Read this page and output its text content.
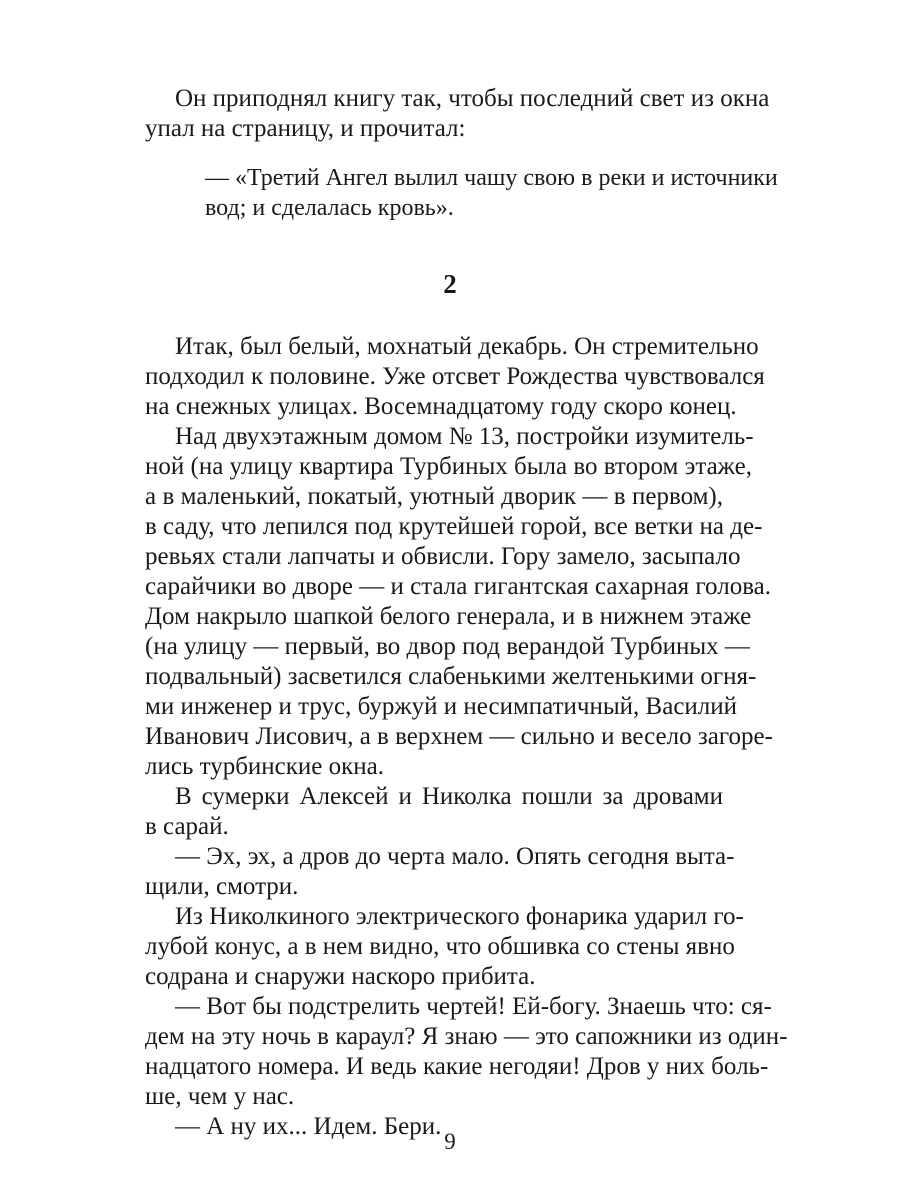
Он приподнял книгу так, чтобы последний свет из окна
упал на страницу, и прочитал:
— «Третий Ангел вылил чашу свою в реки и источники
вод; и сделалась кровь».
2
Итак, был белый, мохнатый декабрь. Он стремительно
подходил к половине. Уже отсвет Рождества чувствовался
на снежных улицах. Восемнадцатому году скоро конец.
Над двухэтажным домом № 13, постройки изумитель-
ной (на улицу квартира Турбиных была во втором этаже,
а в маленький, покатый, уютный дворик — в первом),
в саду, что лепился под крутейшей горой, все ветки на де-
ревьях стали лапчаты и обвисли. Гору замело, засыпало
сарайчики во дворе — и стала гигантская сахарная голова.
Дом накрыло шапкой белого генерала, и в нижнем этаже
(на улицу — первый, во двор под верандой Турбиных —
подвальный) засветился слабенькими желтенькими огня-
ми инженер и трус, буржуй и несимпатичный, Василий
Иванович Лисович, а в верхнем — сильно и весело загоре-
лись турбинские окна.
В сумерки Алексей и Николка пошли за дровами
в сарай.
— Эх, эх, а дров до черта мало. Опять сегодня выта-
щили, смотри.
Из Николкиного электрического фонарика ударил го-
лубой конус, а в нем видно, что обшивка со стены явно
содрана и снаружи наскоро прибита.
— Вот бы подстрелить чертей! Ей-богу. Знаешь что: ся-
дем на эту ночь в караул? Я знаю — это сапожники из один-
надцатого номера. И ведь какие негодяи! Дров у них боль-
ше, чем у нас.
— А ну их... Идем. Бери.
9
